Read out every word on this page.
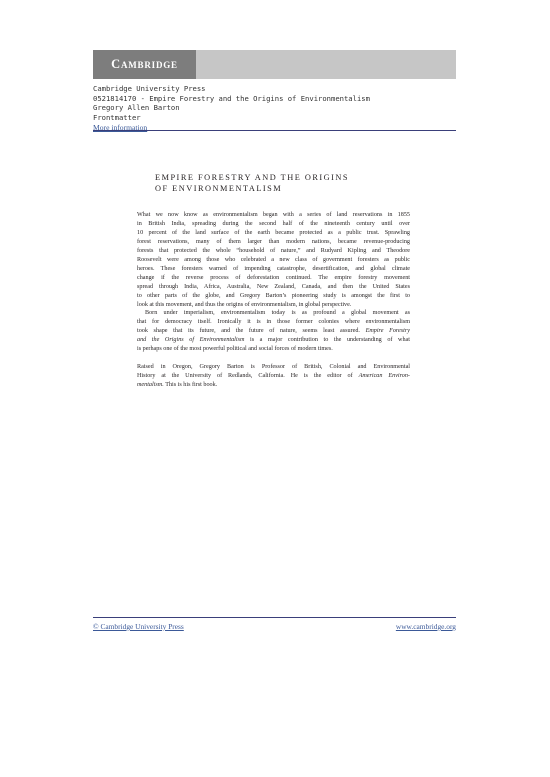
Cambridge
Cambridge University Press
0521814170 - Empire Forestry and the Origins of Environmentalism
Gregory Allen Barton
Frontmatter
More information
EMPIRE FORESTRY AND THE ORIGINS
OF ENVIRONMENTALISM
What we now know as environmentalism began with a series of land reservations in 1855
in British India, spreading during the second half of the nineteenth century until over
10 percent of the land surface of the earth became protected as a public trust. Sprawling
forest reservations, many of them larger than modern nations, became revenue-producing
forests that protected the whole “household of nature,” and Rudyard Kipling and Theodore
Roosevelt were among those who celebrated a new class of government foresters as public
heroes. These foresters warned of impending catastrophe, desertification, and global climate
change if the reverse process of deforestation continued. The empire forestry movement
spread through India, Africa, Australia, New Zealand, Canada, and then the United States
to other parts of the globe, and Gregory Barton’s pioneering study is amongst the first to
look at this movement, and thus the origins of environmentalism, in global perspective.
Born under imperialism, environmentalism today is as profound a global movement as
that for democracy itself. Ironically it is in those former colonies where environmentalism
took shape that its future, and the future of nature, seems least assured. Empire Forestry
and the Origins of Environmentalism is a major contribution to the understanding of what
is perhaps one of the most powerful political and social forces of modern times.
Raised in Oregon, Gregory Barton is Professor of British, Colonial and Environmental
History at the University of Redlands, California. He is the editor of American Environ-
mentalism. This is his first book.
© Cambridge University Press	www.cambridge.org
